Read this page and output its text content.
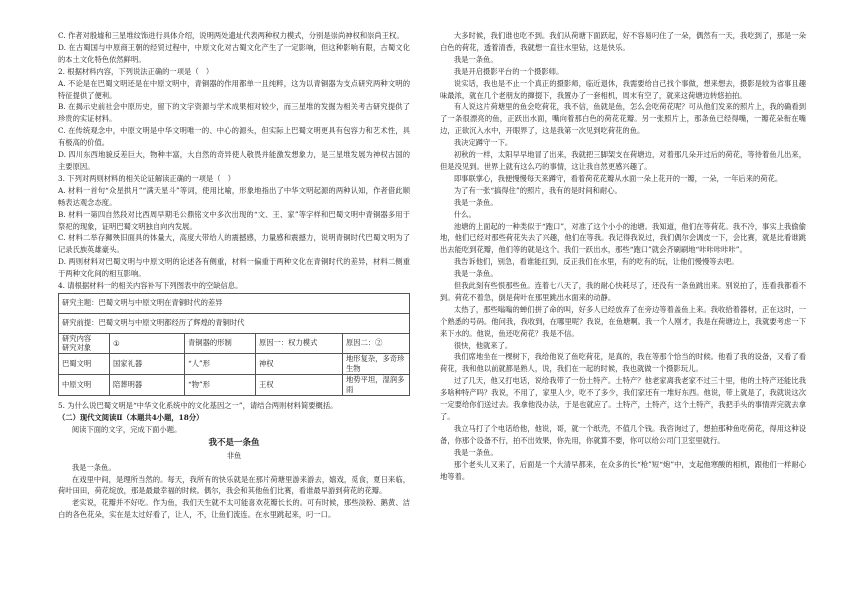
C. 作者对殷墟和三星堆纹饰进行具体介绍，说明两处遗址代表两种权力模式，分别是崇尚神权和崇尚王权。

D. 在古蜀国与中原商王朝的经贸过程中，中原文化对古蜀文化产生了一定影响，但这种影响有限，古蜀文化的本土文化特色依然鲜明。

2. 根据材料内容，下列说法正确的一项是（　）

A. 不论是在巴蜀文明还是在中原文明中，青铜器的作用都单一且纯粹，这为以青铜器为支点研究两种文明的特征提供了便利。

B. 在揭示史前社会中原历史，留下的文字资源与学术成果相对较少，而三星堆的发掘为相关考古研究提供了珍贵的实证材料。

C. 在传统观念中，中原文明是中华文明唯一的、中心的源头，但实际上巴蜀文明更具有包容力和艺术性，具有极高的价值。

D. 四川东西地貌反差巨大，物种丰富，大自然的奇异使人敬畏并能激发想象力，是三星堆发展为神权古国的主要原因。

3. 下列对两则材料的相关论证解读正确的一项是（　）

A. 材料一首句“众星拱月”“满天星斗”等词，使用比喻，形象地指出了中华文明起源的两种认知，作者借此顺畅表达观念态度。

B. 材料一第四自然段对比西周早期毛公鼎铭文中多次出现的“文、王、家”等字样和巴蜀文明中青铜器多用于祭祀的现象，证明巴蜀文明独自向内发展。

C. 材料二举存狮殃旧面具的体量大，高度大带给人的震撼感，力量感和震撼力，说明青铜时代巴蜀文明为了记录氏族英雄豪头。

D. 两则材料对巴蜀文明与中原文明的论述各有侧重，材料一偏重于两种文化在青铜时代的差异，材料二侧重于两种文化间的相互影响。

4. 请根据材料一的相关内容补写下列图表中的空缺信息。

研究主题：巴蜀文明与中原文明在青铜时代的差异				
研究前提：巴蜀文明与中原文明都经历了辉煌的青铜时代				
研究内容
研究对象	①	青铜器的形制	原因一：权力模式	原因二：②
巴蜀文明	国家礼器	“人”形	神权	地形复杂，多奇珍生物
中原文明	陪葬明器	“物”形	王权	地势平坦，湿润多雨

5. 为什么说巴蜀文明是“中华文化系统中的文化基因之一”，请结合两则材料简要概括。

（二）现代文阅读Ⅱ（本题共4小题，18分）

阅读下面的文字，完成下面小题。

我不是一条鱼
非鱼

我是一条鱼。

在戏里中间，是理所当然的。每天，我所有的快乐就是在那片荷塘里游来游去，嬉戏，觅食，夏日来临，荷叶田田，荷花绽放，那是最最幸福的时候。偶尔，我会和其他鱼们比赛，看谁最早游到荷花的花瓣。

老实说，花瓣并不好吃。作为鱼，我们天生就不太可能喜欢花瓣长长的。可有时候，那些淡粉、鹅黄、洁白的各色花朵，实在是太过好看了，让人，不，让鱼们流连。在水里跳起来，叼一口。

大多时候，我们谁也吃不到。我们从荷塘下面跃起，好不容易叼住了一朵，偶然有一天，我吃到了，那是一朵白色的荷花，透着清香，我就想一直往水里钻，这是快乐。

我是一条鱼。

我是开启摄影平台的一个摄影师。

说实话，我也是不止一个真正的摄影师，临近退休，我需要给自己找个事做，想来想去，摄影是较为省事且趣味最浓，就在几个老朋友的撺掇下，我置办了一套相机，周末有空了，就来这荷塘边转悠拍拍。

有人说这片荷塘里的鱼会吃荷花，我不信，鱼就是鱼，怎么会吃荷花呢？可从他们发来的照片上，我的确看到了一条很漂亮的鱼，正跃出水面，嘴向着那白色的荷花花瓣。另一张照片上，那条鱼已经得嘴，一瓣花朵衔在嘴边，正欲沉入水中，开眼界了，这是我第一次见到吃荷花的鱼。

我决定蹲守一下。

初秋的一样，太阳早早地冒了出来，我就把三脚架支在荷塘边，对着那几朵开过后的荷花，等待着鱼儿出来，但是没见到。世界上就有这么巧的事情，这让我自然更感兴趣了。

即事联掌心，我便慢慢每天来蹲守，看着荷花花瓣从水面一朵上花开的一瓣，一朵，一年后来的荷花。

为了有一张“搞得住”的照片，我有的是时间和耐心。

我是一条鱼。

什么。

池塘的上面起的一种类似于“跑口”，对准了这个小小的池塘。我知道，他们在等荷花。我不冷，事实上我偷偷地，他们已经对那些荷花失去了兴趣，他们在等我。我记得我说过，我们偶尔会调皮一下，会比赛，就是比看谁跳出去能吃到花瓣，他们等的就是这个。我们一跃出水，那些“跑口”就会齐刷刷地“咔咔咔咔咔”。

我告诉他们，别急，看谁能扛到，反正我们在水里，有的吃有的玩，让他们慢慢等去吧。

我是一条鱼。

但我此刻有些恨那些鱼。连着七八天了，我的耐心快耗尽了，还没有一条鱼跳出来。别说拍了，连看我都看不到。荷花不着急，倒是荷叶在那里跳出水面来的动静。

太热了，那些嗡嗡的蝉们拼了命的叫，好多人已经放弃了在旁边等着盖鱼上来。我收拾着器材，正在这时，一个熟悉的号码。他问我，我收到，在哪里呢？我说，在鱼塘啊。我一个人刚才，我是在荷塘边上，我就要考虑一下来下水的。他说，鱼还吃荷花？我是不信。

很快，他就来了。

我们席地坐在一棵树下，我给他说了鱼吃荷花，是真的，我在等那个恰当的时候。他看了我的设备，又看了看荷花，我和他以前就都是熟人，说，我们在一起的时候，我也就做一个摄影玩儿。

过了几天，他又打电话，说给我带了一份土特产。土特产？他老家离我老家不过三十里，他的土特产还能比我多啥种特产吗？我说，不用了，家里人少，吃不了多少，我们家还有一堆好东西。他说，带上就是了，我就说这次一定要给你们送过去。我拿他没办法，于是也就应了。土特产，土特产，这个土特产，我把手头的事情弄完就去拿了。

我立马打了个电话给他，他说，哥，就一个纸壳，不值几个钱。我咨询过了，想拍那种鱼吃荷花，得用这种设备，你那个设备不行，拍不出效果，你先用，你就算不要，你可以给公司门卫室里就行。

我是一条鱼。

那个老头儿又来了，后面是一个大清早都来，在众多的长“枪”短“炮”中，支起他寒酸的相机，跟他们一样耐心地等着。
